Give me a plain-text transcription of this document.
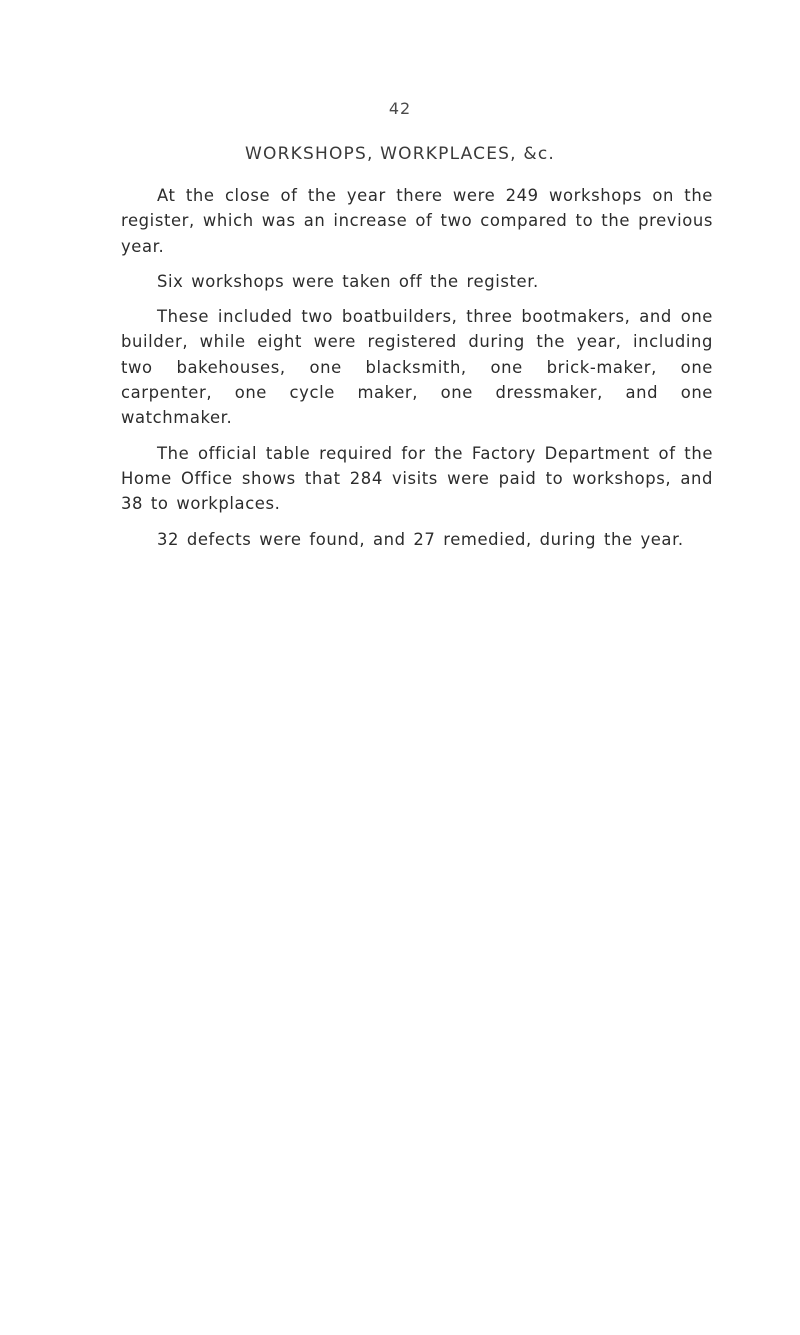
42
WORKSHOPS, WORKPLACES, &c.

At the close of the year there were 249 workshops on the register, which was an increase of two compared to the previous year.

Six workshops were taken off the register.

These included two boatbuilders, three bootmakers, and one builder, while eight were registered during the year, including two bakehouses, one blacksmith, one brick-maker, one carpenter, one cycle maker, one dressmaker, and one watchmaker.

The official table required for the Factory Department of the Home Office shows that 284 visits were paid to workshops, and 38 to workplaces.

32 defects were found, and 27 remedied, during the year.
